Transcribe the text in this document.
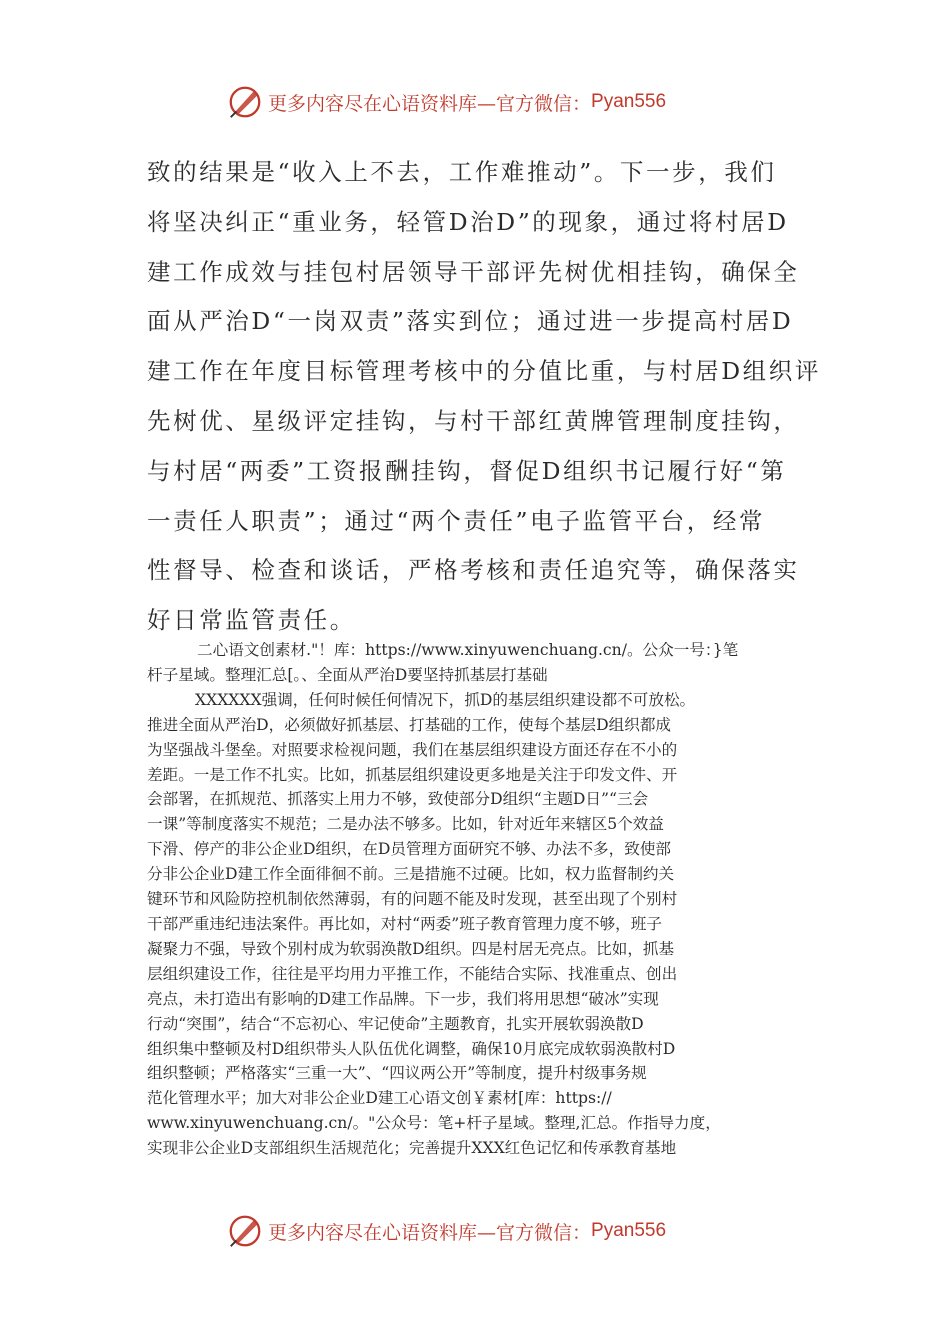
更多内容尽在心语资料库—官方微信： Pyan556
致的结果是“收入上不去，工作难推动”。下一步，我们
将坚决纠正“重业务，轻管D治D”的现象，通过将村居D
建工作成效与挂包村居领导干部评先树优相挂钩，确保全
面从严治D“一岗双责”落实到位；通过进一步提高村居D
建工作在年度目标管理考核中的分值比重，与村居D组织评
先树优、星级评定挂钩，与村干部红黄牌管理制度挂钩，
与村居“两委”工资报酬挂钩，督促D组织书记履行好“第
一责任人职责”；通过“两个责任”电子监管平台，经常
性督导、检查和谈话，严格考核和责任追究等，确保落实
好日常监管责任。
二心语文创素材."！库：https://www.xinyuwenchuang.cn/。公众一号：}笔
杆子星域。整理汇总[。、全面从严治D要坚持抓基层打基础
XXXXXX强调，任何时候任何情况下，抓D的基层组织建设都不可放松。
推进全面从严治D，必须做好抓基层、打基础的工作，使每个基层D组织都成
为坚强战斗堡垒。对照要求检视问题，我们在基层组织建设方面还存在不小的
差距。一是工作不扎实。比如，抓基层组织建设更多地是关注于印发文件、开
会部署，在抓规范、抓落实上用力不够，致使部分D组织“主题D日”“三会
一课”等制度落实不规范；二是办法不够多。比如，针对近年来辖区5个效益
下滑、停产的非公企业D组织，在D员管理方面研究不够、办法不多，致使部
分非公企业D建工作全面徘徊不前。三是措施不过硬。比如，权力监督制约关
键环节和风险防控机制依然薄弱，有的问题不能及时发现，甚至出现了个别村
干部严重违纪违法案件。再比如，对村“两委”班子教育管理力度不够，班子
凝聚力不强，导致个别村成为软弱涣散D组织。四是村居无亮点。比如，抓基
层组织建设工作，往往是平均用力平推工作，不能结合实际、找准重点、创出
亮点，未打造出有影响的D建工作品牌。下一步，我们将用思想“破冰”实现
行动“突围”，结合“不忘初心、牢记使命”主题教育，扎实开展软弱涣散D
组织集中整顿及村D组织带头人队伍优化调整，确保10月底完成软弱涣散村D
组织整顿；严格落实“三重一大”、“四议两公开”等制度，提升村级事务规
范化管理水平；加大对非公企业D建工心语文创￥素材[库：https://
www.xinyuwenchuang.cn/。"公众号：笔+杆子星域。整理,汇总。作指导力度，
实现非公企业D支部组织生活规范化；完善提升XXX红色记忆和传承教育基地
更多内容尽在心语资料库—官方微信： Pyan556
